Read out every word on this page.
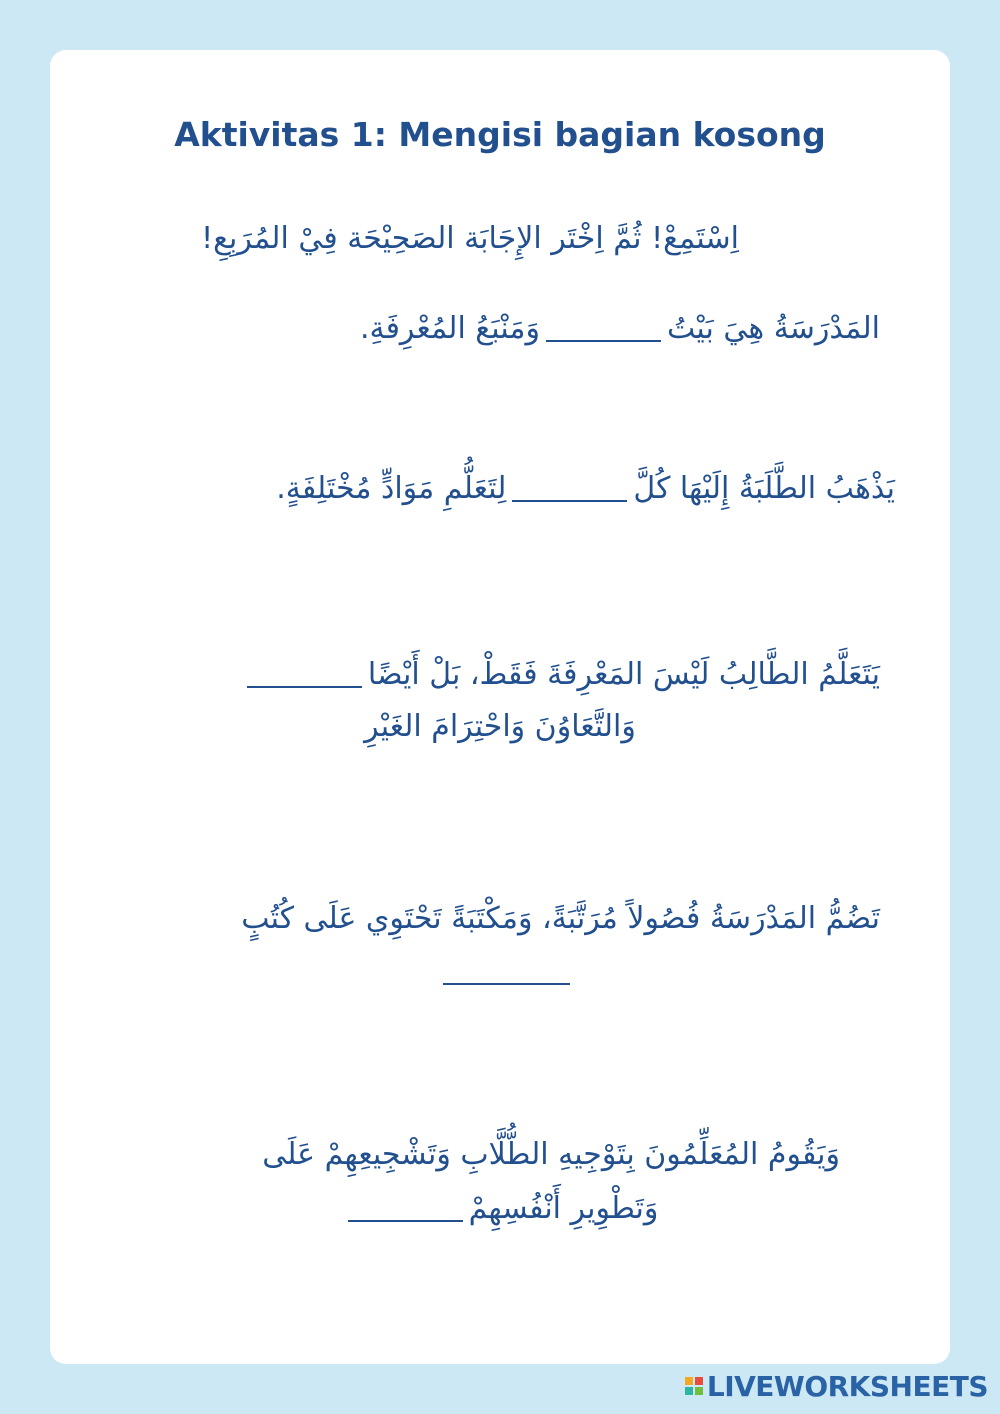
Aktivitas 1: Mengisi bagian kosong
اِسْتَمِعْ! ثُمَّ اِخْتَر الإِجَابَة الصَحِيْحَة فِيْ المُرَبِعِ!
المَدْرَسَةُ هِيَ بَيْتُوَمَنْبَعُ المُعْرِفَةِ.
يَذْهَبُ الطَّلَبَةُ إِلَيْهَا كُلَّلِتَعَلُّمِ مَوَادٍّ مُخْتَلِفَةٍ.
يَتَعَلَّمُ الطَّالِبُ لَيْسَ المَعْرِفَةَ فَقَطْ، بَلْ أَيْضًا
وَالتَّعَاوُنَ وَاحْتِرَامَ الغَيْرِ
تَضُمُّ المَدْرَسَةُ فُصُولاً مُرَتَّبَةً، وَمَكْتَبَةً تَحْتَوِي عَلَى كُتُبٍ
وَيَقُومُ المُعَلِّمُونَ بِتَوْجِيهِ الطُّلَّابِ وَتَشْجِيعِهِمْ عَلَى
وَتَطْوِيرِ أَنْفُسِهِمْ
LIVEWORKSHEETS
